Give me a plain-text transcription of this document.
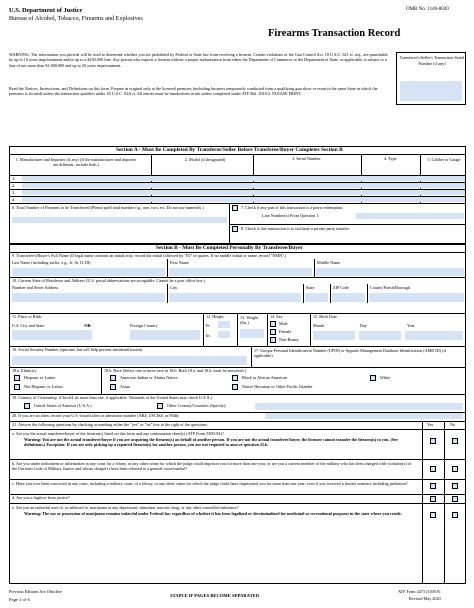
U.S. Department of Justice
Bureau of Alcohol, Tobacco, Firearms and Explosives
OMB No. 1140-0020
Firearms Transaction Record
WARNING: The information you provide will be used to determine whether you are prohibited by Federal or State law from receiving a firearm. Certain violations of the Gun Control Act, 18 U.S.C. 921 et. seq., are punishable by up to 10 years imprisonment and/or up to a $250,000 fine. Any person who exports a firearm without a proper authorization from either the Department of Commerce or the Department of State, as applicable, is subject to a fine of not more than $1,000,000 and up to 20 years imprisonment.
Read the Notices, Instructions, and Definitions on this form. Prepare in original only at the licensed premises (including business temporarily conducted from a qualifying gun show or event in the same State in which the premises is located) unless the transaction qualifies under 18 U.S.C. 922(c). All entries must be handwritten in ink unless completed under ATF Rul. 2016-2. PLEASE PRINT.
Transferor's/Seller's Transaction Serial Number (if any)
Section A - Must Be Completed By Transferor/Seller Before Transferee/Buyer Completes Section B
1. Manufacturer and Importer (if any) (If the manufacturer and importer are different, include both.)
2. Model (if designated)	3. Serial Number	4. Type	5. Caliber or Gauge
1.
2.
3.
4.
6. Total Number of Firearms to be Transferred (Please spell total number e.g., one, two, etc. Do not use numerals.)	7. Check if any part of this transaction is a pawn redemption.
Line Number(s) From Question 1:
8. Check if this transaction is to facilitate a private party transfer.
Section B - Must Be Completed Personally By Transferee/Buyer
9. Transferee's/Buyer's Full Name (If legal name contains an initial only, record the initial followed by "IO" in quotes. If no middle initial or name, record "NMN".)
Last Name (including suffix, e.g., Jr, Sr, II, III)	First Name	Middle Name
10. Current State of Residence and Address (U.S. postal abbreviations are acceptable. Cannot be a post office box.)
Number and Street Address	City	State	ZIP Code	County/Parish/Borough
11. Place of Birth
U.S. City and State	-OR-	Foreign Country
12. Height
Ft.
In.
13. Weight (lbs.)
14. Sex
Male
Female
Non-Binary
15. Birth Date
Month	Day	Year
16. Social Security Number (optional, but will help prevent misidentification)	17. Unique Personal Identification Number (UPIN) or Appeals Management Database Identification (AMD ID) (if applicable)
18.a. Ethnicity
Hispanic or Latino
Not Hispanic or Latino
18.b. Race (Select one or more race in 18.b. Both 18.a. and 18.b. must be answered.)
American Indian or Alaska Native	Black or African American	White
Asian	Native Hawaiian or Other Pacific Islander
19. Country of Citizenship: (Check/List more than one, if applicable. Nationals of the United States may check U.S.A.)
United States of America (U.S.A.)	Other Country/Countries (Specify):
20. If you are an alien, record your U.S.-issued alien or admission number (AR#, USCIS#, or I94#):
21. Answer the following questions by checking or marking either the "yes" or "no" box to the right of the questions:	Yes	No
a. Are you the actual transferee/buyer of the firearm(s) listed on this form and any continuation sheet(s) (ATF Form 5300.9A)?
Warning: You are not the actual transferee/buyer if you are acquiring the firearm(s) on behalf of another person. If you are not the actual transferee/buyer, the licensee cannot transfer the firearm(s) to you. (See definitions.) Exception: If you are only picking up a repaired firearm(s) for another person, you are not required to answer question 21.b.
b. Are you under indictment or information in any court for a felony, or any other crime for which the judge could imprison you for more than one year, or are you a current member of the military who has been charged with violation(s) of the Uniform Code of Military Justice and whose charge(s) have been referred to a general court-martial?
c. Have you ever been convicted in any court, including a military court, of a felony, or any other crime for which the judge could have imprisoned you for more than one year, even if you received a shorter sentence including probation?
d. Are you a fugitive from justice?
e. Are you an unlawful user of, or addicted to, marijuana or any depressant, stimulant, narcotic drug, or any other controlled substance?
Warning: The use or possession of marijuana remains unlawful under Federal law regardless of whether it has been legalized or decriminalized for medicinal or recreational purposes in the state where you reside.
Previous Editions Are Obsolete
Page 1 of 6
STAPLE IF PAGES BECOME SEPARATED
ATF Form 4473 (5300.9)
Revised May 2020
